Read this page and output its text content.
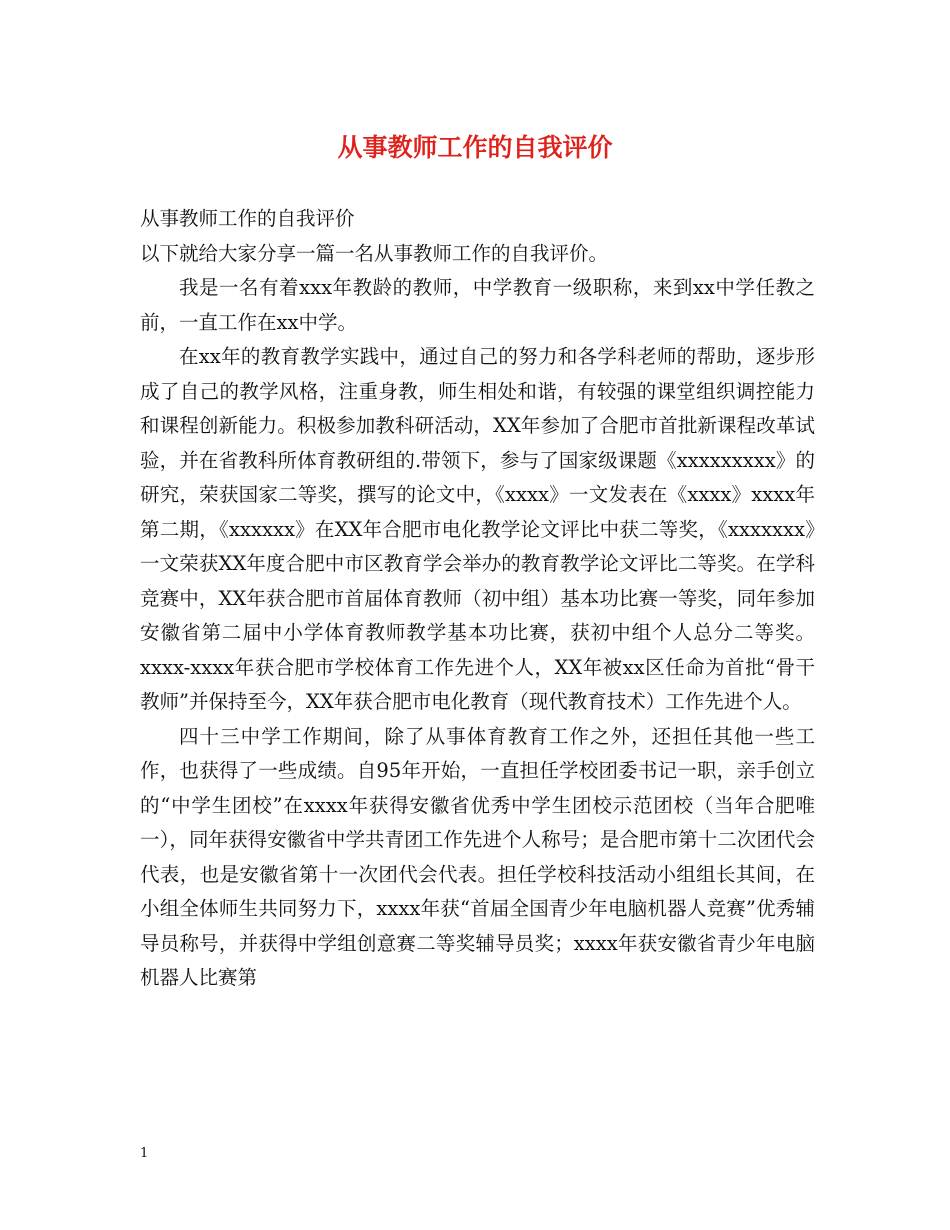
从事教师工作的自我评价

从事教师工作的自我评价

以下就给大家分享一篇一名从事教师工作的自我评价。

我是一名有着xxx年教龄的教师，中学教育一级职称，来到xx中学任教之前，一直工作在xx中学。

在xx年的教育教学实践中，通过自己的努力和各学科老师的帮助，逐步形成了自己的教学风格，注重身教，师生相处和谐，有较强的课堂组织调控能力和课程创新能力。积极参加教科研活动，XX年参加了合肥市首批新课程改革试验，并在省教科所体育教研组的.带领下，参与了国家级课题《xxxxxxxxx》的研究，荣获国家二等奖，撰写的论文中，《xxxx》一文发表在《xxxx》xxxx年第二期，《xxxxxx》在XX年合肥市电化教学论文评比中获二等奖，《xxxxxxx》一文荣获XX年度合肥中市区教育学会举办的教育教学论文评比二等奖。在学科竞赛中，XX年获合肥市首届体育教师（初中组）基本功比赛一等奖，同年参加安徽省第二届中小学体育教师教学基本功比赛，获初中组个人总分二等奖。xxxx-xxxx年获合肥市学校体育工作先进个人，XX年被xx区任命为首批“骨干教师”并保持至今，XX年获合肥市电化教育（现代教育技术）工作先进个人。

四十三中学工作期间，除了从事体育教育工作之外，还担任其他一些工作，也获得了一些成绩。自95年开始，一直担任学校团委书记一职，亲手创立的“中学生团校”在xxxx年获得安徽省优秀中学生团校示范团校（当年合肥唯一），同年获得安徽省中学共青团工作先进个人称号；是合肥市第十二次团代会代表，也是安徽省第十一次团代会代表。担任学校科技活动小组组长其间，在小组全体师生共同努力下，xxxx年获“首届全国青少年电脑机器人竞赛”优秀辅导员称号，并获得中学组创意赛二等奖辅导员奖；xxxx年获安徽省青少年电脑机器人比赛第

1
